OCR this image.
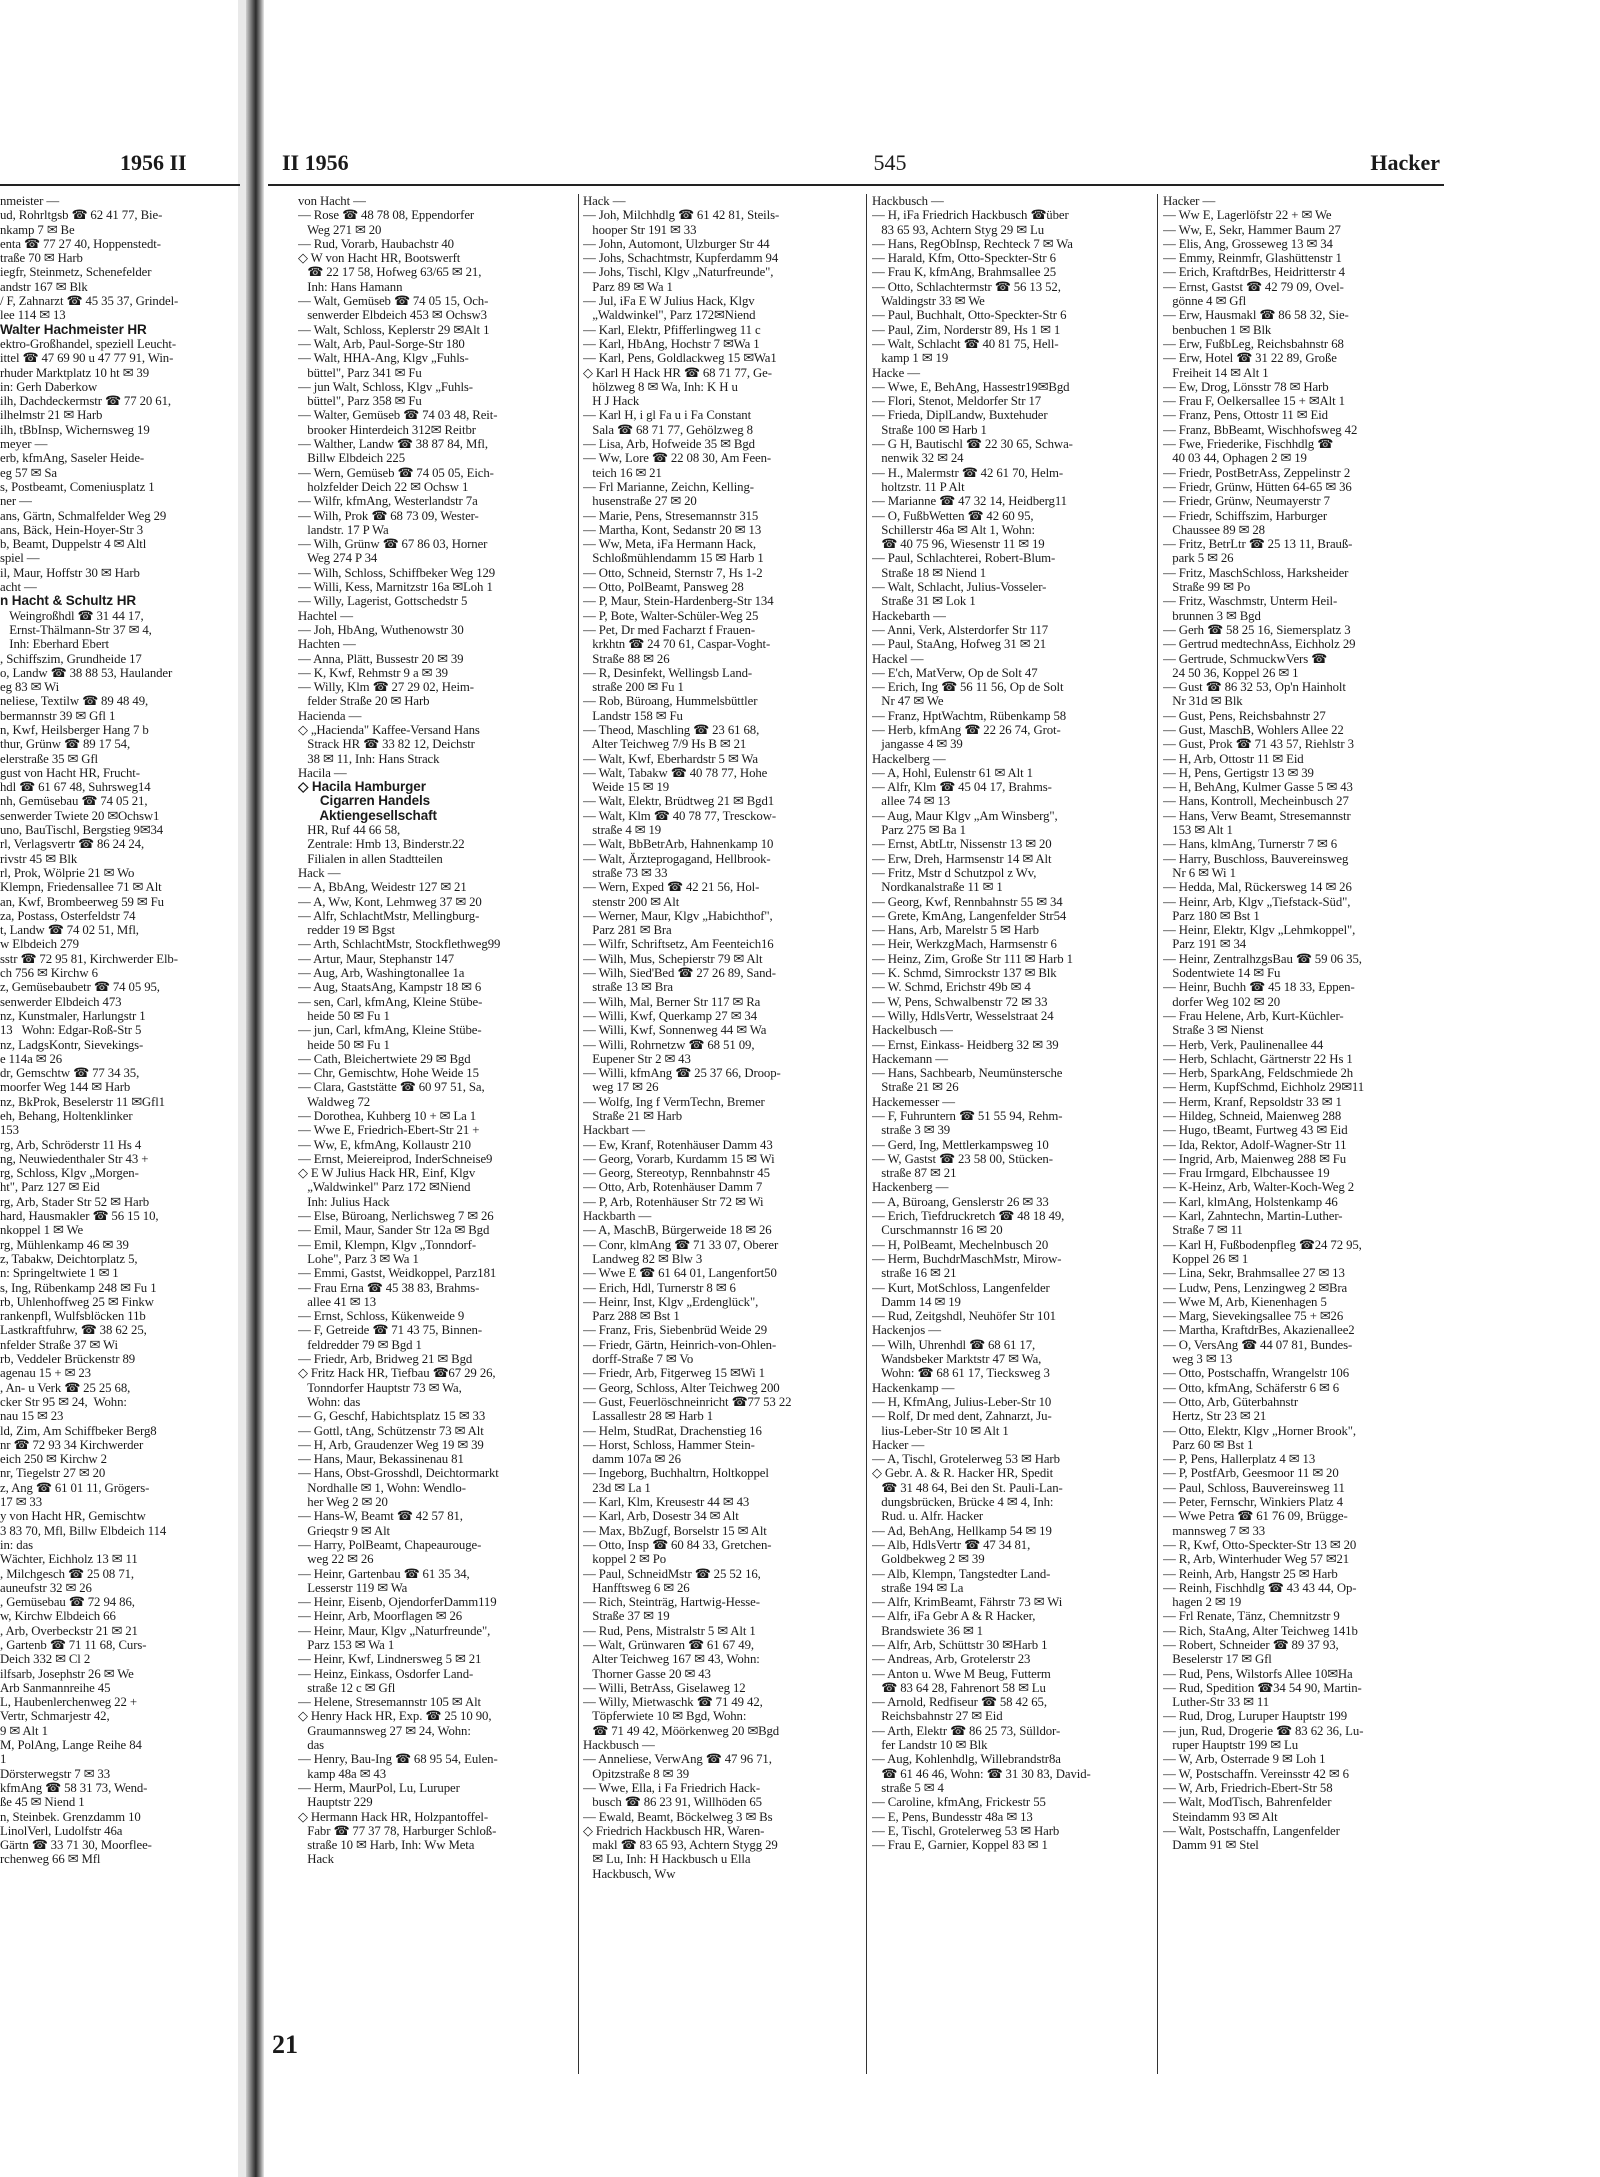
1956 II	II 1956	545	Hacker
nmeister —
ud, Rohrltgsb ☎ 62 41 77, Bie-
nkamp 7 ✉ Be
enta ☎ 77 27 40, Hoppenstedt-
traße 70 ✉ Harb
iegfr, Steinmetz, Schenefelder
andstr 167 ✉ Blk
/ F, Zahnarzt ☎ 45 35 37, Grindel-
lee 114 ✉ 13
Walter Hachmeister HR
ektro-Großhandel, speziell Leucht-
ittel ☎ 47 69 90 u 47 77 91, Win-
rhuder Marktplatz 10 ht ✉ 39
in: Gerh Daberkow
ilh, Dachdeckermstr ☎ 77 20 61,
ilhelmstr 21 ✉ Harb
ilh, tBbInsp, Wichernsweg 19
meyer —
erb, kfmAng, Saseler Heide-
eg 57 ✉ Sa
s, Postbeamt, Comeniusplatz 1
ner —
ans, Gärtn, Schmalfelder Weg 29
ans, Bäck, Hein-Hoyer-Str 3
b, Beamt, Duppelstr 4 ✉ Altl
spiel —
il, Maur, Hoffstr 30 ✉ Harb
acht —
n Hacht & Schultz HR
Weingroßhdl ☎ 31 44 17,
Ernst-Thälmann-Str 37 ✉ 4,
Inh: Eberhard Ebert
, Schiffszim, Grundheide 17
o, Landw ☎ 38 88 53, Haulander
eg 83 ✉ Wi
neliese, Textilw ☎ 89 48 49,
bermannstr 39 ✉ Gfl 1
n, Kwf, Heilsberger Hang 7 b
thur, Grünw ☎ 89 17 54,
elerstraße 35 ✉ Gfl
gust von Hacht HR, Frucht-
hdl ☎ 61 67 48, Suhrsweg14
nh, Gemüsebau ☎ 74 05 21,
senwerder Twiete 20 ✉Ochsw1
uno, BauTischl, Bergstieg 9✉34
rl, Verlagsvertr ☎ 86 24 24,
rivstr 45 ✉ Blk
rl, Prok, Wölprie 21 ✉ Wo
Klempn, Friedensallee 71 ✉ Alt
an, Kwf, Brombeerweg 59 ✉ Fu
za, Postass, Osterfeldstr 74
t, Landw ☎ 74 02 51, Mfl,
w Elbdeich 279
sstr ☎ 72 95 81, Kirchwerder Elb-
ch 756 ✉ Kirchw 6
z, Gemüsebaubetr ☎ 74 05 95,
senwerder Elbdeich 473
nz, Kunstmaler, Harlungstr 1
13   Wohn: Edgar-Roß-Str 5
nz, LadgsKontr, Sievekings-
e 114a ✉ 26
dr, Gemschtw ☎ 77 34 35,
moorfer Weg 144 ✉ Harb
nz, BkProk, Beselerstr 11 ✉Gfl1
eh, Behang, Holtenklinker
153
rg, Arb, Schröderstr 11 Hs 4
ng, Neuwiedenthaler Str 43 +
rg, Schloss, Klgv „Morgen-
ht", Parz 127 ✉ Eid
rg, Arb, Stader Str 52 ✉ Harb
hard, Hausmakler ☎ 56 15 10,
nkoppel 1 ✉ We
rg, Mühlenkamp 46 ✉ 39
z, Tabakw, Deichtorplatz 5,
n: Springeltwiete 1 ✉ 1
s, Ing, Rübenkamp 248 ✉ Fu 1
rb, Uhlenhoffweg 25 ✉ Finkw
rankenpfl, Wulfsblöcken 11b
Lastkraftfuhrw, ☎ 38 62 25,
nfelder Straße 37 ✉ Wi
rb, Veddeler Brückenstr 89
agenau 15 + ✉ 23
, An- u Verk ☎ 25 25 68,
cker Str 95 ✉ 24,  Wohn:
nau 15 ✉ 23
ld, Zim, Am Schiffbeker Berg8
nr ☎ 72 93 34 Kirchwerder
eich 250 ✉ Kirchw 2
nr, Tiegelstr 27 ✉ 20
z, Ang ☎ 61 01 11, Grögers-
17 ✉ 33
y von Hacht HR, Gemischtw
3 83 70, Mfl, Billw Elbdeich 114
in: das
Wächter, Eichholz 13 ✉ 11
, Milchgesch ☎ 25 08 71,
auneufstr 32 ✉ 26
, Gemüsebau ☎ 72 94 86,
w, Kirchw Elbdeich 66
, Arb, Overbeckstr 21 ✉ 21
, Gartenb ☎ 71 11 68, Curs-
Deich 332 ✉ Cl 2
ilfsarb, Josephstr 26 ✉ We
Arb Sanmannreihe 45
L, Haubenlerchenweg 22 +
Vertr, Schmarjestr 42,
9 ✉ Alt 1
M, PolAng, Lange Reihe 84
1
Dörsterwegstr 7 ✉ 33
kfmAng ☎ 58 31 73, Wend-
ße 45 ✉ Niend 1
n, Steinbek. Grenzdamm 10
LinolVerl, Ludolfstr 46a
Gärtn ☎ 33 71 30, Moorflee-
rchenweg 66 ✉ Mfl
von Hacht —
— Rose ☎ 48 78 08, Eppendorfer
Weg 271 ✉ 20
— Rud, Vorarb, Haubachstr 40
◇ W von Hacht HR, Bootswerft
☎ 22 17 58, Hofweg 63/65 ✉ 21,
Inh: Hans Hamann
— Walt, Gemüseb ☎ 74 05 15, Och-
senwerder Elbdeich 453 ✉ Ochsw3
— Walt, Schloss, Keplerstr 29 ✉Alt 1
— Walt, Arb, Paul-Sorge-Str 180
— Walt, HHA-Ang, Klgv „Fuhls-
büttel", Parz 341 ✉ Fu
— jun Walt, Schloss, Klgv „Fuhls-
büttel", Parz 358 ✉ Fu
— Walter, Gemüseb ☎ 74 03 48, Reit-
brooker Hinterdeich 312✉ Reitbr
— Walther, Landw ☎ 38 87 84, Mfl,
Billw Elbdeich 225
— Wern, Gemüseb ☎ 74 05 05, Eich-
holzfelder Deich 22 ✉ Ochsw 1
— Wilfr, kfmAng, Westerlandstr 7a
— Wilh, Prok ☎ 68 73 09, Wester-
landstr. 17 P Wa
— Wilh, Grünw ☎ 67 86 03, Horner
Weg 274 P 34
— Wilh, Schloss, Schiffbeker Weg 129
— Willi, Kess, Marnitzstr 16a ✉Loh 1
— Willy, Lagerist, Gottschedstr 5
Hachtel —
— Joh, HbAng, Wuthenowstr 30
Hachten —
— Anna, Plätt, Bussestr 20 ✉ 39
— K, Kwf, Rehmstr 9 a ✉ 39
— Willy, Klm ☎ 27 29 02, Heim-
felder Straße 20 ✉ Harb
Hacienda —
◇ „Hacienda" Kaffee-Versand Hans
Strack HR ☎ 33 82 12, Deichstr
38 ✉ 11, Inh: Hans Strack
Hacila —
◇ Hacila Hamburger
Cigarren Handels
Aktiengesellschaft
HR, Ruf 44 66 58,
Zentrale: Hmb 13, Binderstr.22
Filialen in allen Stadtteilen
Hack —
— A, BbAng, Weidestr 127 ✉ 21
— A, Ww, Kont, Lehmweg 37 ✉ 20
— Alfr, SchlachtMstr, Mellingburg-
redder 19 ✉ Bgst
— Arth, SchlachtMstr, Stockflethweg99
— Artur, Maur, Stephanstr 147
— Aug, Arb, Washingtonallee 1a
— Aug, StaatsAng, Kampstr 18 ✉ 6
— sen, Carl, kfmAng, Kleine Stübe-
heide 50 ✉ Fu 1
— jun, Carl, kfmAng, Kleine Stübe-
heide 50 ✉ Fu 1
— Cath, Bleichertwiete 29 ✉ Bgd
— Chr, Gemischtw, Hohe Weide 15
— Clara, Gaststätte ☎ 60 97 51, Sa,
Waldweg 72
— Dorothea, Kuhberg 10 + ✉ La 1
— Wwe E, Friedrich-Ebert-Str 21 +
— Ww, E, kfmAng, Kollaustr 210
— Ernst, Meiereiprod, InderSchneise9
◇ E W Julius Hack HR, Einf, Klgv
„Waldwinkel" Parz 172 ✉Niend
Inh: Julius Hack
— Else, Büroang, Nerlichsweg 7 ✉ 26
— Emil, Maur, Sander Str 12a ✉ Bgd
— Emil, Klempn, Klgv „Tonndorf-
Lohe", Parz 3 ✉ Wa 1
— Emmi, Gastst, Weidkoppel, Parz181
— Frau Erna ☎ 45 38 83, Brahms-
allee 41 ✉ 13
— Ernst, Schloss, Kükenweide 9
— F, Getreide ☎ 71 43 75, Binnen-
feldredder 79 ✉ Bgd 1
— Friedr, Arb, Bridweg 21 ✉ Bgd
◇ Fritz Hack HR, Tiefbau ☎67 29 26,
Tonndorfer Hauptstr 73 ✉ Wa,
Wohn: das
— G, Geschf, Habichtsplatz 15 ✉ 33
— Gottl, tAng, Schützenstr 73 ✉ Alt
— H, Arb, Graudenzer Weg 19 ✉ 39
— Hans, Maur, Bekassinenau 81
— Hans, Obst-Grosshdl, Deichtormarkt
Nordhalle ✉ 1, Wohn: Wendlo-
her Weg 2 ✉ 20
— Hans-W, Beamt ☎ 42 57 81,
Grieqstr 9 ✉ Alt
— Harry, PolBeamt, Chapeaurouge-
weg 22 ✉ 26
— Heinr, Gartenbau ☎ 61 35 34,
Lesserstr 119 ✉ Wa
— Heinr, Eisenb, OjendorferDamm119
— Heinr, Arb, Moorflagen ✉ 26
— Heinr, Maur, Klgv „Naturfreunde",
Parz 153 ✉ Wa 1
— Heinr, Kwf, Lindnersweg 5 ✉ 21
— Heinz, Einkass, Osdorfer Land-
straße 12 c ✉ Gfl
— Helene, Stresemannstr 105 ✉ Alt
◇ Henry Hack HR, Exp. ☎ 25 10 90,
Graumannsweg 27 ✉ 24, Wohn:
das
— Henry, Bau-Ing ☎ 68 95 54, Eulen-
kamp 48a ✉ 43
— Herm, MaurPol, Lu, Luruper
Hauptstr 229
◇ Hermann Hack HR, Holzpantoffel-
Fabr ☎ 77 37 78, Harburger Schloß-
straße 10 ✉ Harb, Inh: Ww Meta
Hack
Hack —
— Joh, Milchhdlg ☎ 61 42 81, Steils-
hooper Str 191 ✉ 33
— John, Automont, Ulzburger Str 44
— Johs, Schachtmstr, Kupferdamm 94
— Johs, Tischl, Klgv „Naturfreunde",
Parz 89 ✉ Wa 1
— Jul, iFa E W Julius Hack, Klgv
„Waldwinkel", Parz 172✉Niend
— Karl, Elektr, Pfifferlingweg 11 c
— Karl, HbAng, Hochstr 7 ✉Wa 1
— Karl, Pens, Goldlackweg 15 ✉Wa1
◇ Karl H Hack HR ☎ 68 71 77, Ge-
hölzweg 8 ✉ Wa, Inh: K H u
H J Hack
— Karl H, i gl Fa u i Fa Constant
Sala ☎ 68 71 77, Gehölzweg 8
— Lisa, Arb, Hofweide 35 ✉ Bgd
— Ww, Lore ☎ 22 08 30, Am Feen-
teich 16 ✉ 21
— Frl Marianne, Zeichn, Kelling-
husenstraße 27 ✉ 20
— Marie, Pens, Stresemannstr 315
— Martha, Kont, Sedanstr 20 ✉ 13
— Ww, Meta, iFa Hermann Hack,
Schloßmühlendamm 15 ✉ Harb 1
— Otto, Schneid, Sternstr 7, Hs 1-2
— Otto, PolBeamt, Pansweg 28
— P, Maur, Stein-Hardenberg-Str 134
— P, Bote, Walter-Schüler-Weg 25
— Pet, Dr med Facharzt f Frauen-
krkhtn ☎ 24 70 61, Caspar-Voght-
Straße 88 ✉ 26
— R, Desinfekt, Wellingsb Land-
straße 200 ✉ Fu 1
— Rob, Büroang, Hummelsbüttler
Landstr 158 ✉ Fu
— Theod, Maschling ☎ 23 61 68,
Alter Teichweg 7/9 Hs B ✉ 21
— Walt, Kwf, Eberhardstr 5 ✉ Wa
— Walt, Tabakw ☎ 40 78 77, Hohe
Weide 15 ✉ 19
— Walt, Elektr, Brüdtweg 21 ✉ Bgd1
— Walt, Klm ☎ 40 78 77, Tresckow-
straße 4 ✉ 19
— Walt, BbBetrArb, Hahnenkamp 10
— Walt, Ärzteprogagand, Hellbrook-
straße 73 ✉ 33
— Wern, Exped ☎ 42 21 56, Hol-
stenstr 200 ✉ Alt
— Werner, Maur, Klgv „Habichthof",
Parz 281 ✉ Bra
— Wilfr, Schriftsetz, Am Feenteich16
— Wilh, Mus, Schepierstr 79 ✉ Alt
— Wilh, Sied'Bed ☎ 27 26 89, Sand-
straße 13 ✉ Bra
— Wilh, Mal, Berner Str 117 ✉ Ra
— Willi, Kwf, Querkamp 27 ✉ 34
— Willi, Kwf, Sonnenweg 44 ✉ Wa
— Willi, Rohrnetzw ☎ 68 51 09,
Eupener Str 2 ✉ 43
— Willi, kfmAng ☎ 25 37 66, Droop-
weg 17 ✉ 26
— Wolfg, Ing f VermTechn, Bremer
Straße 21 ✉ Harb
Hackbart —
— Ew, Kranf, Rotenhäuser Damm 43
— Georg, Vorarb, Kurdamm 15 ✉ Wi
— Georg, Stereotyp, Rennbahnstr 45
— Otto, Arb, Rotenhäuser Damm 7
— P, Arb, Rotenhäuser Str 72 ✉ Wi
Hackbarth —
— A, MaschB, Bürgerweide 18 ✉ 26
— Conr, klmAng ☎ 71 33 07, Oberer
Landweg 82 ✉ Blw 3
— Wwe E ☎ 61 64 01, Langenfort50
— Erich, Hdl, Turnerstr 8 ✉ 6
— Heinr, Inst, Klgv „Erdenglück",
Parz 288 ✉ Bst 1
— Franz, Fris, Siebenbrüd Weide 29
— Friedr, Gärtn, Heinrich-von-Ohlen-
dorff-Straße 7 ✉ Vo
— Friedr, Arb, Fitgerweg 15 ✉Wi 1
— Georg, Schloss, Alter Teichweg 200
— Gust, Feuerlöschneinricht ☎77 53 22
Lassallestr 28 ✉ Harb 1
— Helm, StudRat, Drachenstieg 16
— Horst, Schloss, Hammer Stein-
damm 107a ✉ 26
— Ingeborg, Buchhaltrn, Holtkoppel
23d ✉ La 1
— Karl, Klm, Kreusestr 44 ✉ 43
— Karl, Arb, Dosestr 34 ✉ Alt
— Max, BbZugf, Borselstr 15 ✉ Alt
— Otto, Insp ☎ 60 84 33, Gretchen-
koppel 2 ✉ Po
— Paul, SchneidMstr ☎ 25 52 16,
Hanfftsweg 6 ✉ 26
— Rich, Steinträg, Hartwig-Hesse-
Straße 37 ✉ 19
— Rud, Pens, Mistralstr 5 ✉ Alt 1
— Walt, Grünwaren ☎ 61 67 49,
Alter Teichweg 167 ✉ 43, Wohn:
Thorner Gasse 20 ✉ 43
— Willi, BetrAss, Giselaweg 12
— Willy, Mietwaschk ☎ 71 49 42,
Töpferwiete 10 ✉ Bgd, Wohn:
☎ 71 49 42, Möörkenweg 20 ✉Bgd
Hackbusch —
— Anneliese, VerwAng ☎ 47 96 71,
Opitzstraße 8 ✉ 39
— Wwe, Ella, i Fa Friedrich Hack-
busch ☎ 86 23 91, Willhöden 65
— Ewald, Beamt, Böckelweg 3 ✉ Bs
◇ Friedrich Hackbusch HR, Waren-
makl ☎ 83 65 93, Achtern Stygg 29
✉ Lu, Inh: H Hackbusch u Ella
Hackbusch, Ww
Hackbusch —
— H, iFa Friedrich Hackbusch ☎über
83 65 93, Achtern Styg 29 ✉ Lu
— Hans, RegObInsp, Rechteck 7 ✉ Wa
— Harald, Kfm, Otto-Speckter-Str 6
— Frau K, kfmAng, Brahmsallee 25
— Otto, Schlachtermstr ☎ 56 13 52,
Waldingstr 33 ✉ We
— Paul, Buchhalt, Otto-Speckter-Str 6
— Paul, Zim, Norderstr 89, Hs 1 ✉ 1
— Walt, Schlacht ☎ 40 81 75, Hell-
kamp 1 ✉ 19
Hacke —
— Wwe, E, BehAng, Hassestr19✉Bgd
— Flori, Stenot, Meldorfer Str 17
— Frieda, DiplLandw, Buxtehuder
Straße 100 ✉ Harb 1
— G H, Bautischl ☎ 22 30 65, Schwa-
nenwik 32 ✉ 24
— H., Malermstr ☎ 42 61 70, Helm-
holtzstr. 11 P Alt
— Marianne ☎ 47 32 14, Heidberg11
— O, FußbWetten ☎ 42 60 95,
Schillerstr 46a ✉ Alt 1, Wohn:
☎ 40 75 96, Wiesenstr 11 ✉ 19
— Paul, Schlachterei, Robert-Blum-
Straße 18 ✉ Niend 1
— Walt, Schlacht, Julius-Vosseler-
Straße 31 ✉ Lok 1
Hackebarth —
— Anni, Verk, Alsterdorfer Str 117
— Paul, StaAng, Hofweg 31 ✉ 21
Hackel —
— E'ch, MatVerw, Op de Solt 47
— Erich, Ing ☎ 56 11 56, Op de Solt
Nr 47 ✉ We
— Franz, HptWachtm, Rübenkamp 58
— Herb, kfmAng ☎ 22 26 74, Grot-
jangasse 4 ✉ 39
Hackelberg —
— A, Hohl, Eulenstr 61 ✉ Alt 1
— Alfr, Klm ☎ 45 04 17, Brahms-
allee 74 ✉ 13
— Aug, Maur Klgv „Am Winsberg",
Parz 275 ✉ Ba 1
— Ernst, AbtLtr, Nissenstr 13 ✉ 20
— Erw, Dreh, Harmsenstr 14 ✉ Alt
— Fritz, Mstr d Schutzpol z Wv,
Nordkanalstraße 11 ✉ 1
— Georg, Kwf, Rennbahnstr 55 ✉ 34
— Grete, KmAng, Langenfelder Str54
— Hans, Arb, Marelstr 5 ✉ Harb
— Heir, WerkzgMach, Harmsenstr 6
— Heinz, Zim, Große Str 111 ✉ Harb 1
— K. Schmd, Simrockstr 137 ✉ Blk
— W. Schmd, Erichstr 49b ✉ 4
— W, Pens, Schwalbenstr 72 ✉ 33
— Willy, HdlsVertr, Wesselstraat 24
Hackelbusch —
— Ernst, Einkass- Heidberg 32 ✉ 39
Hackemann —
— Hans, Sachbearb, Neumünstersche
Straße 21 ✉ 26
Hackemesser —
— F, Fuhruntern ☎ 51 55 94, Rehm-
straße 3 ✉ 39
— Gerd, Ing, Mettlerkampsweg 10
— W, Gastst ☎ 23 58 00, Stücken-
straße 87 ✉ 21
Hackenberg —
— A, Büroang, Genslerstr 26 ✉ 33
— Erich, Tiefdruckretch ☎ 48 18 49,
Curschmannstr 16 ✉ 20
— H, PolBeamt, Mechelnbusch 20
— Herm, BuchdrMaschMstr, Mirow-
straße 16 ✉ 21
— Kurt, MotSchloss, Langenfelder
Damm 14 ✉ 19
— Rud, Zeitgshdl, Neuhöfer Str 101
Hackenjos —
— Wilh, Uhrenhdl ☎ 68 61 17,
Wandsbeker Marktstr 47 ✉ Wa,
Wohn: ☎ 68 61 17, Tiecksweg 3
Hackenkamp —
— H, KfmAng, Julius-Leber-Str 10
— Rolf, Dr med dent, Zahnarzt, Ju-
lius-Leber-Str 10 ✉ Alt 1
Hacker —
— A, Tischl, Grotelerweg 53 ✉ Harb
◇ Gebr. A. & R. Hacker HR, Spedit
☎ 31 48 64, Bei den St. Pauli-Lan-
dungsbrücken, Brücke 4 ✉ 4, Inh:
Rud. u. Alfr. Hacker
— Ad, BehAng, Hellkamp 54 ✉ 19
— Alb, HdlsVertr ☎ 47 34 81,
Goldbekweg 2 ✉ 39
— Alb, Klempn, Tangstedter Land-
straße 194 ✉ La
— Alfr, KrimBeamt, Fährstr 73 ✉ Wi
— Alfr, iFa Gebr A & R Hacker,
Brandswiete 36 ✉ 1
— Alfr, Arb, Schüttstr 30 ✉Harb 1
— Andreas, Arb, Grotelerstr 23
— Anton u. Wwe M Beug, Futterm
☎ 83 64 28, Fahrenort 58 ✉ Lu
— Arnold, Redfiseur ☎ 58 42 65,
Reichsbahnstr 27 ✉ Eid
— Arth, Elektr ☎ 86 25 73, Sülldor-
fer Landstr 10 ✉ Blk
— Aug, Kohlenhdlg, Willebrandstr8a
☎ 61 46 46, Wohn: ☎ 31 30 83, David-
straße 5 ✉ 4
— Caroline, kfmAng, Frickestr 55
— E, Pens, Bundesstr 48a ✉ 13
— E, Tischl, Grotelerweg 53 ✉ Harb
— Frau E, Garnier, Koppel 83 ✉ 1
Hacker —
— Ww E, Lagerlöfstr 22 + ✉ We
— Ww, E, Sekr, Hammer Baum 27
— Elis, Ang, Grosseweg 13 ✉ 34
— Emmy, Reinmfr, Glashüttenstr 1
— Erich, KraftdrBes, Heidritterstr 4
— Ernst, Gastst ☎ 42 79 09, Ovel-
gönne 4 ✉ Gfl
— Erw, Hausmakl ☎ 86 58 32, Sie-
benbuchen 1 ✉ Blk
— Erw, FußbLeg, Reichsbahnstr 68
— Erw, Hotel ☎ 31 22 89, Große
Freiheit 14 ✉ Alt 1
— Ew, Drog, Lönsstr 78 ✉ Harb
— Frau F, Oelkersallee 15 + ✉Alt 1
— Franz, Pens, Ottostr 11 ✉ Eid
— Franz, BbBeamt, Wischhofsweg 42
— Fwe, Friederike, Fischhdlg ☎
40 03 44, Ophagen 2 ✉ 19
— Friedr, PostBetrAss, Zeppelinstr 2
— Friedr, Grünw, Hütten 64-65 ✉ 36
— Friedr, Grünw, Neumayerstr 7
— Friedr, Schiffszim, Harburger
Chaussee 89 ✉ 28
— Fritz, BetrLtr ☎ 25 13 11, Brauß-
park 5 ✉ 26
— Fritz, MaschSchloss, Harksheider
Straße 99 ✉ Po
— Fritz, Waschmstr, Unterm Heil-
brunnen 3 ✉ Bgd
— Gerh ☎ 58 25 16, Siemersplatz 3
— Gertrud medtechnAss, Eichholz 29
— Gertrude, SchmuckwVers ☎
24 50 36, Koppel 26 ✉ 1
— Gust ☎ 86 32 53, Op'n Hainholt
Nr 31d ✉ Blk
— Gust, Pens, Reichsbahnstr 27
— Gust, MaschB, Wohlers Allee 22
— Gust, Prok ☎ 71 43 57, Riehlstr 3
— H, Arb, Ottostr 11 ✉ Eid
— H, Pens, Gertigstr 13 ✉ 39
— H, BehAng, Kulmer Gasse 5 ✉ 43
— Hans, Kontroll, Mecheinbusch 27
— Hans, Verw Beamt, Stresemannstr
153 ✉ Alt 1
— Hans, klmAng, Turnerstr 7 ✉ 6
— Harry, Buschloss, Bauvereinsweg
Nr 6 ✉ Wi 1
— Hedda, Mal, Rückersweg 14 ✉ 26
— Heinr, Arb, Klgv „Tiefstack-Süd",
Parz 180 ✉ Bst 1
— Heinr, Elektr, Klgv „Lehmkoppel",
Parz 191 ✉ 34
— Heinr, ZentralhzgsBau ☎ 59 06 35,
Sodentwiete 14 ✉ Fu
— Heinr, Buchh ☎ 45 18 33, Eppen-
dorfer Weg 102 ✉ 20
— Frau Helene, Arb, Kurt-Küchler-
Straße 3 ✉ Nienst
— Herb, Verk, Paulinenallee 44
— Herb, Schlacht, Gärtnerstr 22 Hs 1
— Herb, SparkAng, Feldschmiede 2h
— Herm, KupfSchmd, Eichholz 29✉11
— Herm, Kranf, Repsoldstr 33 ✉ 1
— Hildeg, Schneid, Maienweg 288
— Hugo, tBeamt, Furtweg 43 ✉ Eid
— Ida, Rektor, Adolf-Wagner-Str 11
— Ingrid, Arb, Maienweg 288 ✉ Fu
— Frau Irmgard, Elbchaussee 19
— K-Heinz, Arb, Walter-Koch-Weg 2
— Karl, klmAng, Holstenkamp 46
— Karl, Zahntechn, Martin-Luther-
Straße 7 ✉ 11
— Karl H, Fußbodenpfleg ☎24 72 95,
Koppel 26 ✉ 1
— Lina, Sekr, Brahmsallee 27 ✉ 13
— Ludw, Pens, Lenzingweg 2 ✉Bra
— Wwe M, Arb, Kienenhagen 5
— Marg, Sievekingsallee 75 + ✉26
— Martha, KraftdrBes, Akazienallee2
— O, VersAng ☎ 44 07 81, Bundes-
weg 3 ✉ 13
— Otto, Postschaffn, Wrangelstr 106
— Otto, kfmAng, Schäferstr 6 ✉ 6
— Otto, Arb, Güterbahnstr
Hertz, Str 23 ✉ 21
— Otto, Elektr, Klgv „Horner Brook",
Parz 60 ✉ Bst 1
— P, Pens, Hallerplatz 4 ✉ 13
— P, PostfArb, Geesmoor 11 ✉ 20
— Paul, Schloss, Bauvereinsweg 11
— Peter, Fernschr, Winkiers Platz 4
— Wwe Petra ☎ 61 76 09, Brügge-
mannsweg 7 ✉ 33
— R, Kwf, Otto-Speckter-Str 13 ✉ 20
— R, Arb, Winterhuder Weg 57 ✉21
— Reinh, Arb, Hangstr 25 ✉ Harb
— Reinh, Fischhdlg ☎ 43 43 44, Op-
hagen 2 ✉ 19
— Frl Renate, Tänz, Chemnitzstr 9
— Rich, StaAng, Alter Teichweg 141b
— Robert, Schneider ☎ 89 37 93,
Beselerstr 17 ✉ Gfl
— Rud, Pens, Wilstorfs Allee 10✉Ha
— Rud, Spedition ☎34 54 90, Martin-
Luther-Str 33 ✉ 11
— Rud, Drog, Luruper Hauptstr 199
— jun, Rud, Drogerie ☎ 83 62 36, Lu-
ruper Hauptstr 199 ✉ Lu
— W, Arb, Osterrade 9 ✉ Loh 1
— W, Postschaffn. Vereinsstr 42 ✉ 6
— W, Arb, Friedrich-Ebert-Str 58
— Walt, ModTisch, Bahrenfelder
Steindamm 93 ✉ Alt
— Walt, Postschaffn, Langenfelder
Damm 91 ✉ Stel
21
